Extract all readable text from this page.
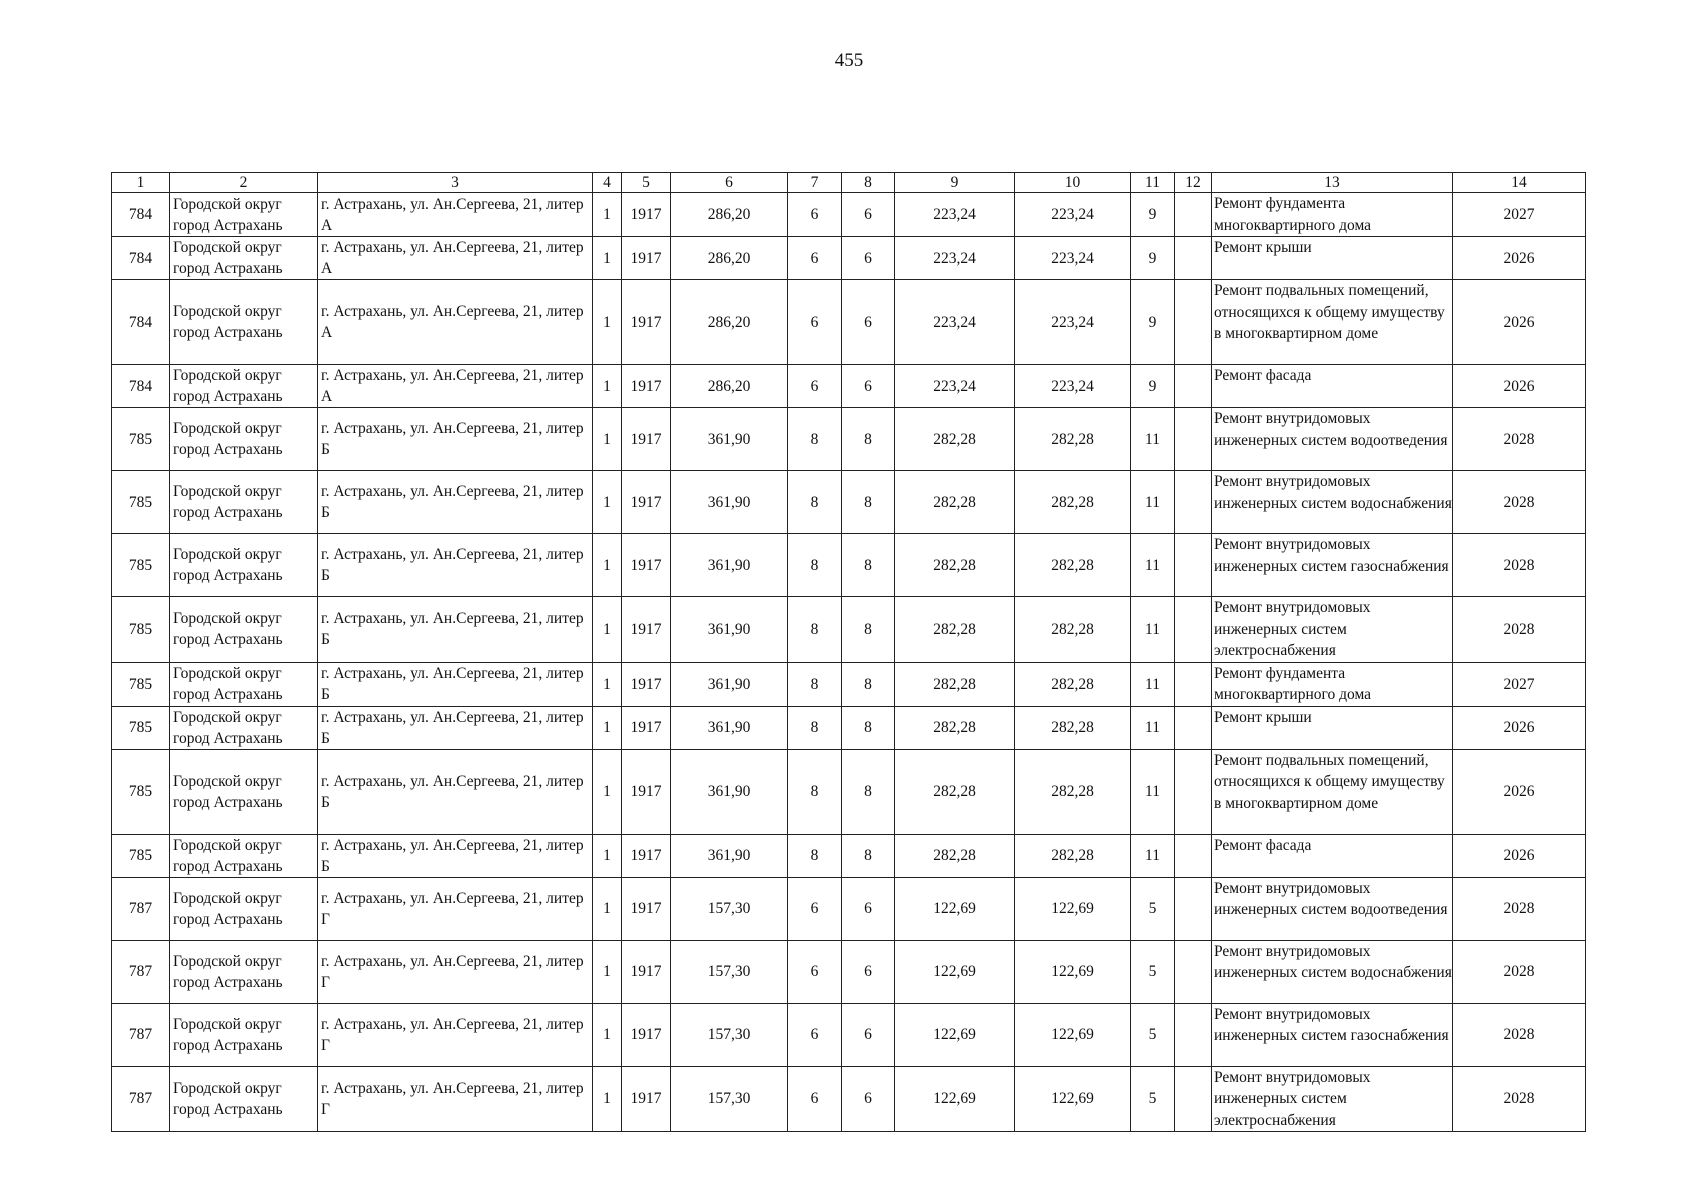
455
1	2	3	4	5	6	7	8	9	10	11	12	13	14
784	Городской округ город Астрахань	г. Астрахань, ул. Ан.Сергеева, 21, литер А	1	1917	286,20	6	6	223,24	223,24	9		Ремонт фундамента многоквартирного дома	2027
784	Городской округ город Астрахань	г. Астрахань, ул. Ан.Сергеева, 21, литер А	1	1917	286,20	6	6	223,24	223,24	9		Ремонт крыши	2026
784	Городской округ город Астрахань	г. Астрахань, ул. Ан.Сергеева, 21, литер А	1	1917	286,20	6	6	223,24	223,24	9		Ремонт подвальных помещений, относящихся к общему имуществу в многоквартирном доме	2026
784	Городской округ город Астрахань	г. Астрахань, ул. Ан.Сергеева, 21, литер А	1	1917	286,20	6	6	223,24	223,24	9		Ремонт фасада	2026
785	Городской округ город Астрахань	г. Астрахань, ул. Ан.Сергеева, 21, литер Б	1	1917	361,90	8	8	282,28	282,28	11		Ремонт внутридомовых инженерных систем водоотведения	2028
785	Городской округ город Астрахань	г. Астрахань, ул. Ан.Сергеева, 21, литер Б	1	1917	361,90	8	8	282,28	282,28	11		Ремонт внутридомовых инженерных систем водоснабжения	2028
785	Городской округ город Астрахань	г. Астрахань, ул. Ан.Сергеева, 21, литер Б	1	1917	361,90	8	8	282,28	282,28	11		Ремонт внутридомовых инженерных систем газоснабжения	2028
785	Городской округ город Астрахань	г. Астрахань, ул. Ан.Сергеева, 21, литер Б	1	1917	361,90	8	8	282,28	282,28	11		Ремонт внутридомовых инженерных систем электроснабжения	2028
785	Городской округ город Астрахань	г. Астрахань, ул. Ан.Сергеева, 21, литер Б	1	1917	361,90	8	8	282,28	282,28	11		Ремонт фундамента многоквартирного дома	2027
785	Городской округ город Астрахань	г. Астрахань, ул. Ан.Сергеева, 21, литер Б	1	1917	361,90	8	8	282,28	282,28	11		Ремонт крыши	2026
785	Городской округ город Астрахань	г. Астрахань, ул. Ан.Сергеева, 21, литер Б	1	1917	361,90	8	8	282,28	282,28	11		Ремонт подвальных помещений, относящихся к общему имуществу в многоквартирном доме	2026
785	Городской округ город Астрахань	г. Астрахань, ул. Ан.Сергеева, 21, литер Б	1	1917	361,90	8	8	282,28	282,28	11		Ремонт фасада	2026
787	Городской округ город Астрахань	г. Астрахань, ул. Ан.Сергеева, 21, литер Г	1	1917	157,30	6	6	122,69	122,69	5		Ремонт внутридомовых инженерных систем водоотведения	2028
787	Городской округ город Астрахань	г. Астрахань, ул. Ан.Сергеева, 21, литер Г	1	1917	157,30	6	6	122,69	122,69	5		Ремонт внутридомовых инженерных систем водоснабжения	2028
787	Городской округ город Астрахань	г. Астрахань, ул. Ан.Сергеева, 21, литер Г	1	1917	157,30	6	6	122,69	122,69	5		Ремонт внутридомовых инженерных систем газоснабжения	2028
787	Городской округ город Астрахань	г. Астрахань, ул. Ан.Сергеева, 21, литер Г	1	1917	157,30	6	6	122,69	122,69	5		Ремонт внутридомовых инженерных систем электроснабжения	2028
